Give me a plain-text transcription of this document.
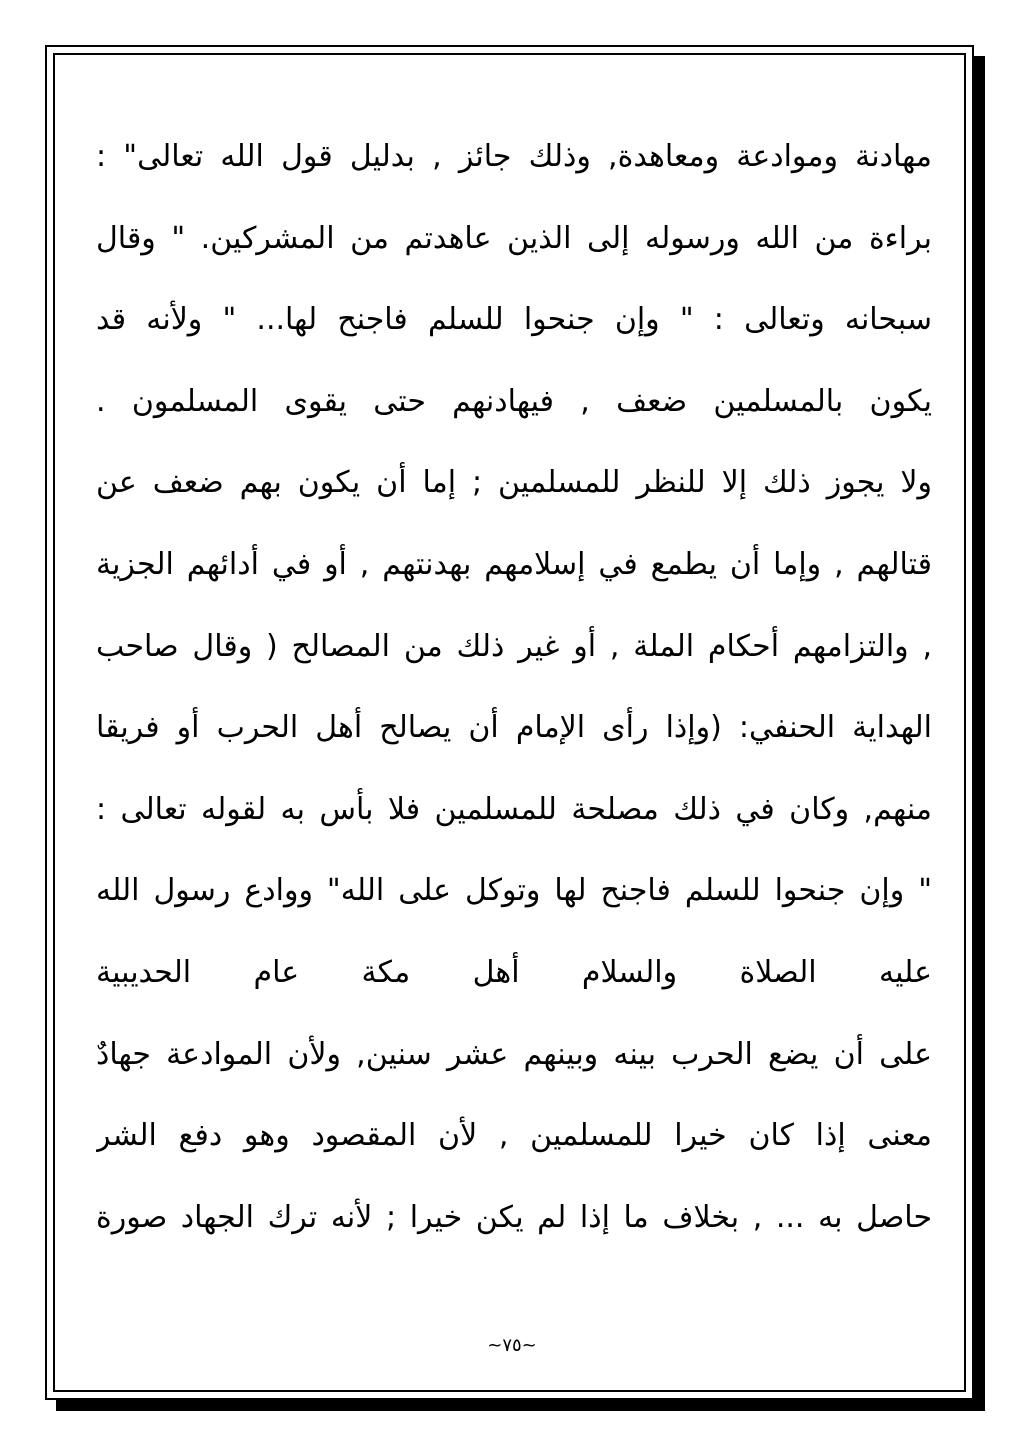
مهادنة وموادعة ومعاهدة, وذلك جائز , بدليل قول الله تعالى" :
براءة من الله ورسوله إلى الذين عاهدتم من المشركين. " وقال
سبحانه وتعالى : " وإن جنحوا للسلم فاجنح لها... " ولأنه قد
يكون بالمسلمين ضعف , فيهادنهم حتى يقوى المسلمون .
ولا يجوز ذلك إلا للنظر للمسلمين ; إما أن يكون بهم ضعف عن
قتالهم , وإما أن يطمع في إسلامهم بهدنتهم , أو في أدائهم الجزية
, والتزامهم أحكام الملة , أو غير ذلك من المصالح ( وقال صاحب
الهداية الحنفي: (وإذا رأى الإمام أن يصالح أهل الحرب أو فريقا
منهم, وكان في ذلك مصلحة للمسلمين فلا بأس به لقوله تعالى :
" وإن جنحوا للسلم فاجنح لها وتوكل على الله" ووادع رسول الله
عليه الصلاة والسلام أهل مكة عام الحديبية
على أن يضع الحرب بينه وبينهم عشر سنين, ولأن الموادعة جهادٌ
معنى إذا كان خيرا للمسلمين , لأن المقصود وهو دفع الشر
حاصل به ... , بخلاف ما إذا لم يكن خيرا ; لأنه ترك الجهاد صورة
~٧٥~
